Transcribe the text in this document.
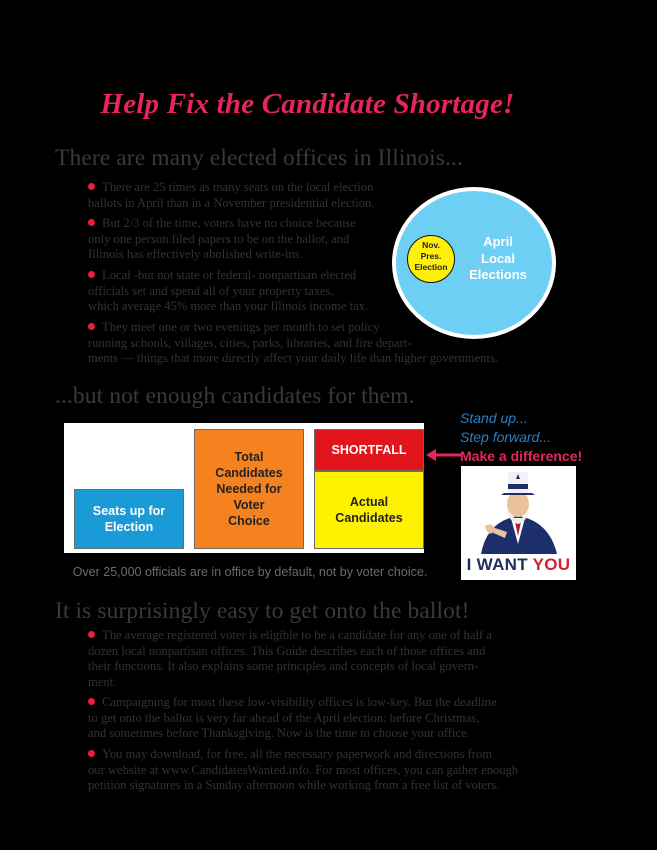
Help Fix the Candidate Shortage!
There are many elected offices in Illinois...
There are 25 times as many seats on the local election
ballots in April than in a November presidential election.
But 2/3 of the time, voters have no choice because
only one person filed papers to be on the ballot, and
Illinois has effectively abolished write-ins.
Local -but not state or federal- nonpartisan elected
officials set and spend all of your property taxes,
which average 45% more than your Illinois income tax.
They meet one or two evenings per month to set policy
running schools, villages, cities, parks, libraries, and fire depart-
ments — things that more directly affect your daily life than higher governments.
April
Local
Elections
Nov.
Pres.
Election
...but not enough candidates for them.
Seats up for
Election
Total
Candidates
Needed for
Voter
Choice
Actual
Candidates
SHORTFALL
Over 25,000 officials are in office by default, not by voter choice.
Stand up...
Step forward...
Make a difference!
I WANT YOU
It is surprisingly easy to get onto the ballot!
The average registered voter is eligible to be a candidate for any one of half a
dozen local nonpartisan offices. This Guide describes each of those offices and
their functions. It also explains some principles and concepts of local govern-
ment.
Campaigning for most these low-visibility offices is low-key. But the deadline
to get onto the ballot is very far ahead of the April election: before Christmas,
and sometimes before Thanksgiving. Now is the time to choose your office.
You may download, for free, all the necessary paperwork and directions from
our website at www.CandidatesWanted.info. For most offices, you can gather enough
petition signatures in a Sunday afternoon while working from a free list of voters.
